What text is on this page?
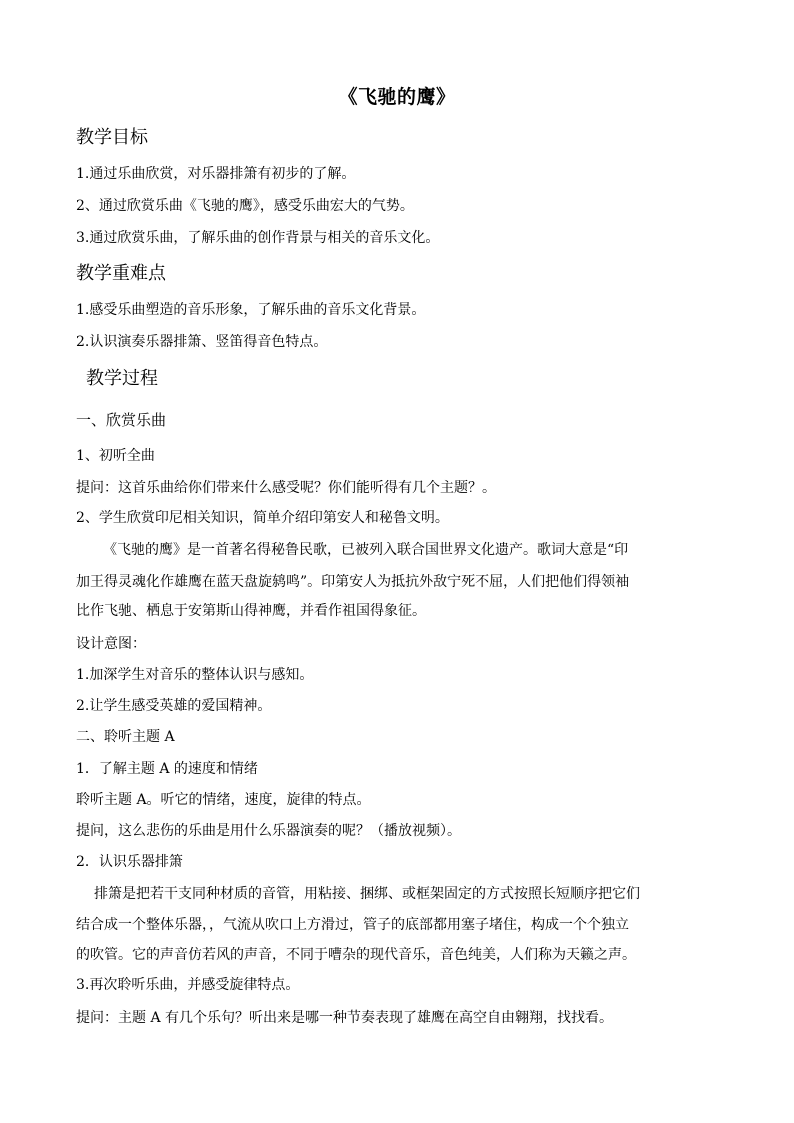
《飞驰的鹰》
教学目标
1.通过乐曲欣赏，对乐器排箫有初步的了解。
2、通过欣赏乐曲《飞驰的鹰》，感受乐曲宏大的气势。
3.通过欣赏乐曲，了解乐曲的创作背景与相关的音乐文化。
教学重难点
1.感受乐曲塑造的音乐形象，了解乐曲的音乐文化背景。
2.认识演奏乐器排箫、竖笛得音色特点。
教学过程
一、欣赏乐曲
1、初听全曲
提问：这首乐曲给你们带来什么感受呢？你们能听得有几个主题？。
2、学生欣赏印尼相关知识，简单介绍印第安人和秘鲁文明。
《飞驰的鹰》是一首著名得秘鲁民歌，已被列入联合国世界文化遗产。歌词大意是“印
加王得灵魂化作雄鹰在蓝天盘旋鸫鸣”。印第安人为抵抗外敌宁死不屈，人们把他们得领袖
比作飞驰、栖息于安第斯山得神鹰，并看作祖国得象征。
设计意图：
1.加深学生对音乐的整体认识与感知。
2.让学生感受英雄的爱国精神。
二、聆听主题 A
1．了解主题 A 的速度和情绪
聆听主题 A。听它的情绪，速度，旋律的特点。
提问，这么悲伤的乐曲是用什么乐器演奏的呢？（播放视频）。
2．认识乐器排箫
排箫是把若干支同种材质的音管，用粘接、捆绑、或框架固定的方式按照长短顺序把它们
结合成一个整体乐器，，气流从吹口上方滑过，管子的底部都用塞子堵住，构成一个个独立
的吹管。它的声音仿若风的声音，不同于嘈杂的现代音乐，音色纯美，人们称为天籁之声。
3.再次聆听乐曲，并感受旋律特点。
提问：主题 A 有几个乐句？听出来是哪一种节奏表现了雄鹰在高空自由翱翔，找找看。
